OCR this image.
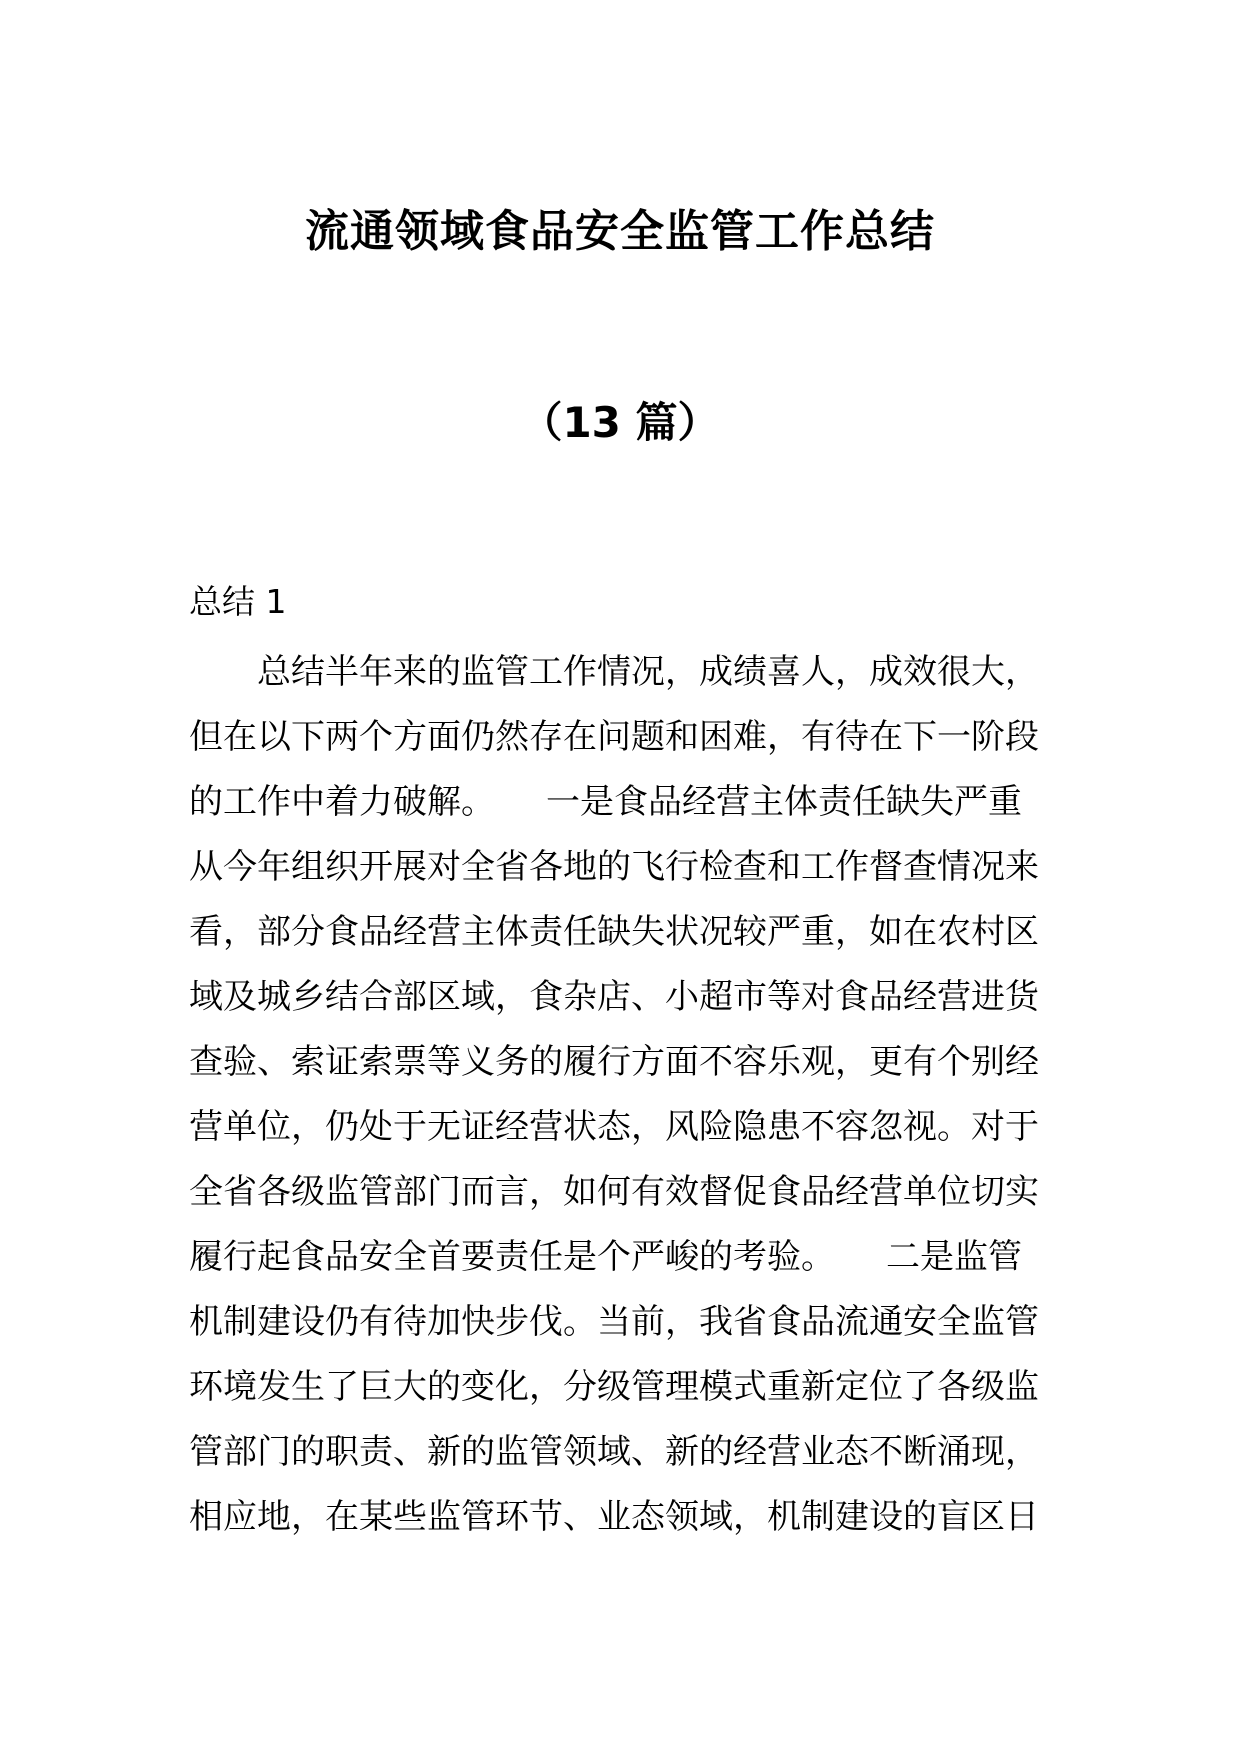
流通领域食品安全监管工作总结
（13 篇）
总结 1
　　总结半年来的监管工作情况，成绩喜人，成效很大，
但在以下两个方面仍然存在问题和困难，有待在下一阶段
的工作中着力破解。　　一是食品经营主体责任缺失严重
从今年组织开展对全省各地的飞行检查和工作督查情况来
看，部分食品经营主体责任缺失状况较严重，如在农村区
域及城乡结合部区域，食杂店、小超市等对食品经营进货
查验、索证索票等义务的履行方面不容乐观，更有个别经
营单位，仍处于无证经营状态，风险隐患不容忽视。对于
全省各级监管部门而言，如何有效督促食品经营单位切实
履行起食品安全首要责任是个严峻的考验。　　二是监管
机制建设仍有待加快步伐。当前，我省食品流通安全监管
环境发生了巨大的变化，分级管理模式重新定位了各级监
管部门的职责、新的监管领域、新的经营业态不断涌现，
相应地，在某些监管环节、业态领域，机制建设的盲区日
